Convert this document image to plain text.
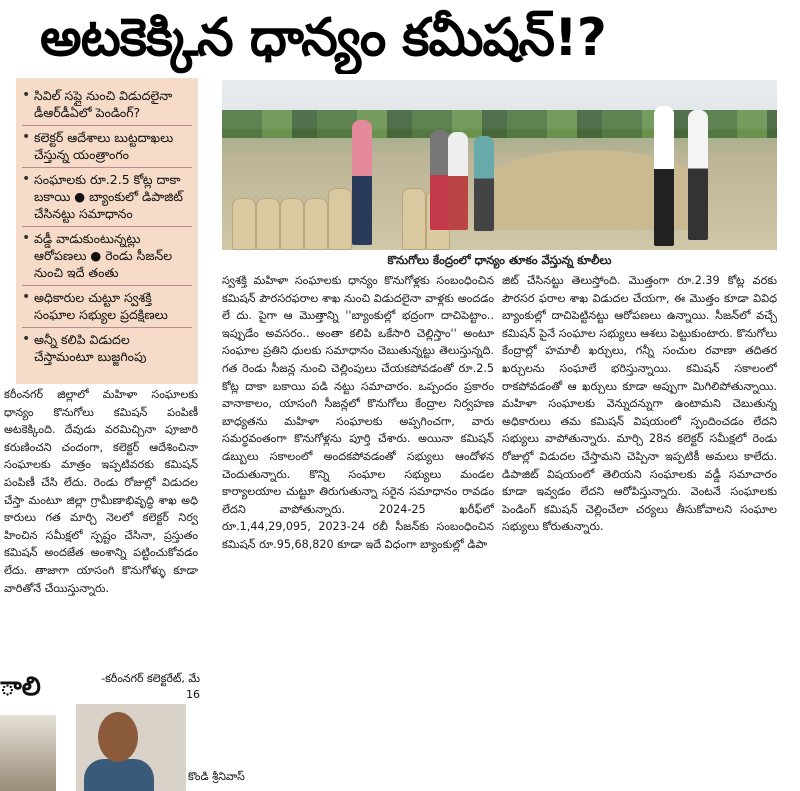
అటకెక్కిన ధాన్యం కమీషన్‌!?
• సివిల్‌ సప్లై నుంచి విడుదలైనా డీఆర్‌డీఏలో పెండింగ్‌?
• కలెక్టర్‌ ఆదేశాలు బుట్టదాఖలు చేస్తున్న యంత్రాంగం
• సంఘాలకు రూ.2.5 కోట్ల దాకా బకాయి ● బ్యాంకులో డిపాజిట్‌ చేసినట్టు సమాధానం
• వడ్డీ వాడుకుంటున్నట్లు ఆరోపణలు ● రెండు సీజన్‌ల నుంచి ఇదే తంతు
• అధికారుల చుట్టూ స్వశక్తి సంఘాల సభ్యుల ప్రదక్షిణలు
• అన్నీ కలిపి విడుదల చేస్తామంటూ బుజ్జగింపు
కొనుగోలు కేంద్రంలో ధాన్యం తూకం వేస్తున్న కూలీలు
కరీంనగర్‌ జిల్లాలో మహిళా సంఘాలకు ధాన్యం కొనుగోలు కమిషన్‌ పంపిణీ అటకెక్కింది. దేవుడు వరమిచ్చినా పూజారి కరుణించని చందంగా, కలెక్టర్‌ ఆదేశించినా సంఘాలకు మాత్రం ఇప్పటివరకు కమిషన్‌ పంపిణీ చేసి లేదు. రెండు రోజుల్లో విడుదల చేస్తా మంటూ జిల్లా గ్రామీణాభివృద్ధి శాఖ అధి కారులు గత మార్చి నెలలో కలెక్టర్‌ నిర్వ హించిన సమీక్షలో స్పష్టం చేసినా, ప్రస్తుతం కమిషన్‌ అందజేత అంశాన్ని పట్టించుకోవడం లేదు. తాజాగా యాసంగి కొనుగోళ్ళు కూడా వారితోనే చేయిస్తున్నారు.
-కరీంనగర్‌ కలెక్టరేట్‌, మే 16
స్వశక్తి మహిళా సంఘాలకు ధాన్యం కొనుగోళ్లకు సంబంధించిన కమిషన్‌ పౌరసరఫరాల శాఖ నుంచి విడుదలైనా వాళ్లకు అందడం లే దు. పైగా ఆ మొత్తాన్ని ''బ్యాంకుల్లో భద్రంగా దాచిపెట్టాం.. ఇప్పుడేం అవసరం.. అంతా కలిపి ఒకేసారి చెల్లిస్తాం'' అంటూ సంఘాల ప్రతిని ధులకు సమాధానం చెబుతున్నట్టు తెలుస్తున్నది. గత రెండు సీజన్ల నుంచి చెల్లింపులు చేయకపోవడంతో రూ.2.5 కోట్ల దాకా బకాయి పడి నట్టు సమాచారం. ఒప్పందం ప్రకారం వానాకాలం, యాసంగి సీజన్లలో కొనుగోలు కేంద్రాల నిర్వహణ బాధ్యతను మహిళా సంఘాలకు అప్పగించగా, వారు సమర్థవంతంగా కొనుగోళ్లను పూర్తి చేశారు. అయినా కమిషన్‌ డబ్బులు సకాలంలో అందకపోవడంతో సభ్యులు ఆందోళన చెందుతున్నారు. కొన్ని సంఘాల సభ్యులు మండల కార్యాలయాల చుట్టూ తిరుగుతున్నా సరైన సమాధానం రావడం లేదని వాపోతున్నారు. 2024-25 ఖరీఫ్‌లో రూ.1,44,29,095, 2023-24 రబీ సీజన్‌కు సంబంధించిన కమిషన్‌ రూ.95,68,820 కూడా ఇదే విధంగా బ్యాంకుల్లో డిపా
జిట్‌ చేసినట్టు తెలుస్తోంది. మొత్తంగా రూ.2.39 కోట్ల వరకు పౌరసర ఫరాల శాఖ విడుదల చేయగా, ఈ మొత్తం కూడా వివిధ బ్యాంకుల్లో దాచిపెట్టినట్టు ఆరోపణలు ఉన్నాయి. సీజన్‌లో వచ్చే కమిషన్‌ పైనే సంఘాల సభ్యులు ఆశలు పెట్టుకుంటారు. కొనుగోలు కేంద్రాల్లో హమాలీ ఖర్చులు, గన్నీ సంచుల రవాణా తదితర ఖర్చులను సంఘాలే భరిస్తున్నాయి. కమిషన్‌ సకాలంలో రాకపోవడంతో ఆ ఖర్చులు కూడా అప్పుగా మిగిలిపోతున్నాయి. మహిళా సంఘాలకు వెన్నుదన్నుగా ఉంటామని చెబుతున్న అధికారులు తమ కమిషన్‌ విషయంలో స్పందించడం లేదని సభ్యులు వాపోతున్నారు. మార్చి 28న కలెక్టర్‌ సమీక్షలో రెండు రోజుల్లో విడుదల చేస్తామని చెప్పినా ఇప్పటికీ అమలు కాలేదు. డిపాజిట్‌ విషయంలో తెలియని సంఘాలకు వడ్డీ సమాచారం కూడా ఇవ్వడం లేదని ఆరోపిస్తున్నారు. వెంటనే సంఘాలకు పెండింగ్‌ కమిషన్‌ చెల్లించేలా చర్యలు తీసుకోవాలని సంఘాల సభ్యులు కోరుతున్నారు.
ాలి
కొండి శ్రీనివాస్‌
